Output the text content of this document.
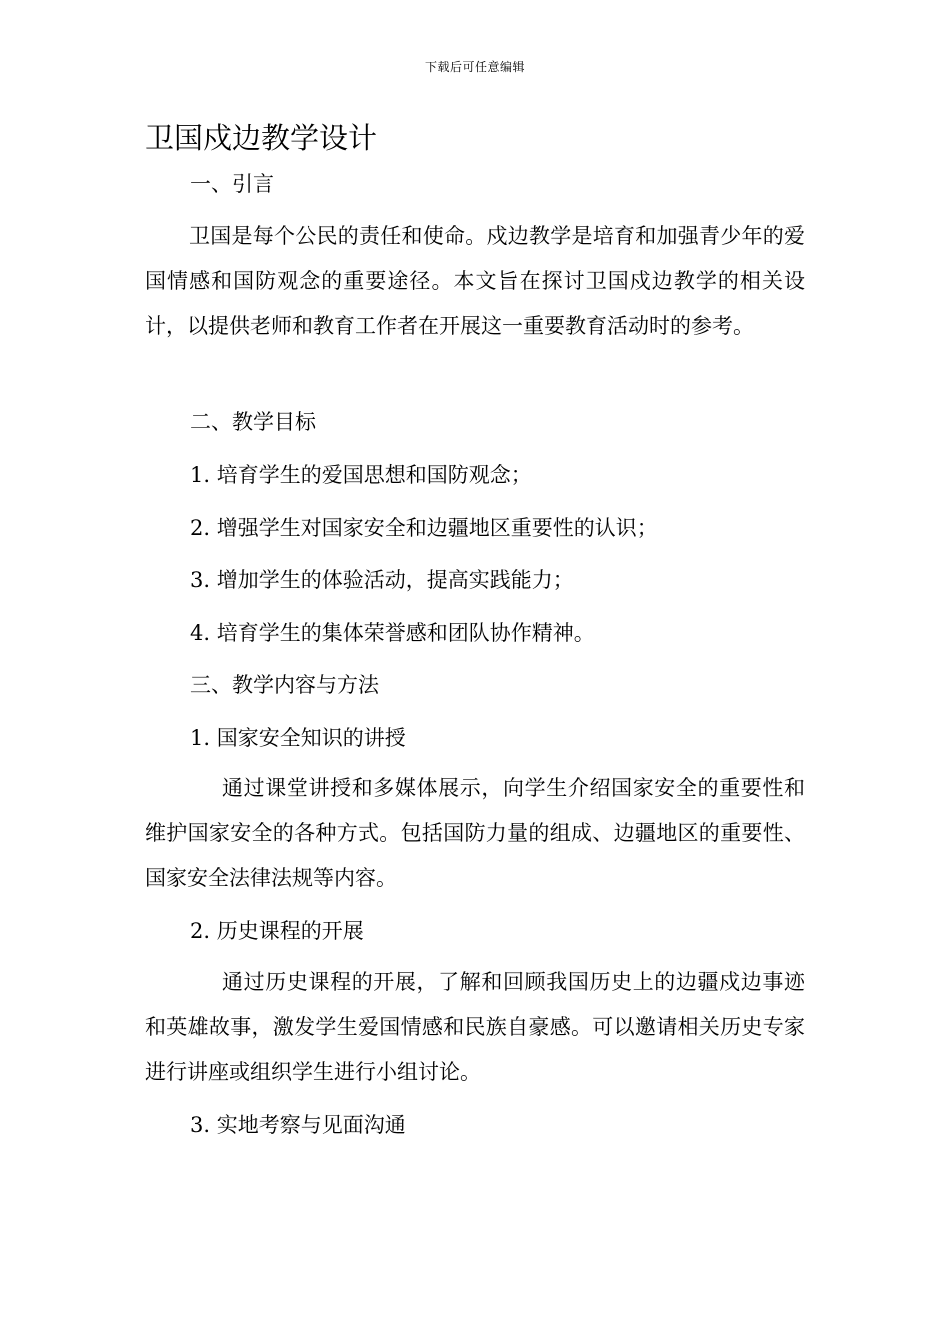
下载后可任意编辑
卫国戍边教学设计
一、引言

卫国是每个公民的责任和使命。戍边教学是培育和加强青少年的爱国情感和国防观念的重要途径。本文旨在探讨卫国戍边教学的相关设计，以提供老师和教育工作者在开展这一重要教育活动时的参考。

二、教学目标
1. 培育学生的爱国思想和国防观念；
2. 增强学生对国家安全和边疆地区重要性的认识；
3. 增加学生的体验活动，提高实践能力；
4. 培育学生的集体荣誉感和团队协作精神。
三、教学内容与方法
1. 国家安全知识的讲授

通过课堂讲授和多媒体展示，向学生介绍国家安全的重要性和维护国家安全的各种方式。包括国防力量的组成、边疆地区的重要性、国家安全法律法规等内容。

2. 历史课程的开展

通过历史课程的开展，了解和回顾我国历史上的边疆戍边事迹和英雄故事，激发学生爱国情感和民族自豪感。可以邀请相关历史专家进行讲座或组织学生进行小组讨论。

3. 实地考察与见面沟通
